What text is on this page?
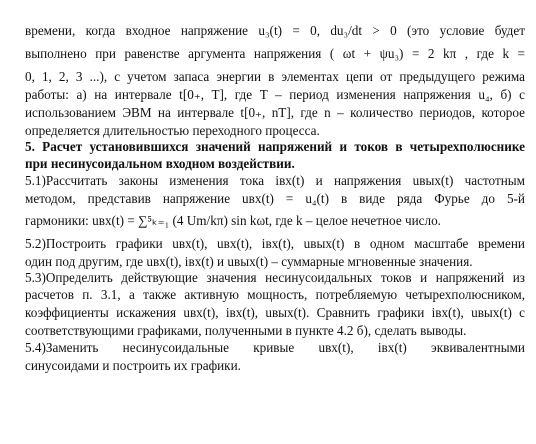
времени, когда входное напряжение u₃(t) = 0, du₃/dt > 0 (это условие будет
выполнено при равенстве аргумента напряжения ( ωt + ψu₃) = 2 kπ , где k =
0, 1, 2, 3 ...), с учетом запаса энергии в элементах цепи от предыдущего режима
работы: а) на интервале t[0₊, T], где T – период изменения напряжения u₄, б) с
использованием ЭВМ на интервале t[0₊, nT], где n – количество периодов, которое
определяется длительностью переходного процесса.
5. Расчет установившихся значений напряжений и токов в четырехполюснике
при несинусоидальном входном воздействии.
5.1)Рассчитать законы изменения тока iвх(t) и напряжения uвых(t) частотным
методом, представив напряжение uвх(t) = u₄(t) в виде ряда Фурье до 5-й
гармоники: uвх(t) = ∑⁵ₖ₌₁ (4 Um/kπ) sin kωt, где k – целое нечетное число.
5.2)Построить графики uвх(t), uвх(t), iвх(t), uвых(t) в одном масштабе времени
один под другим, где uвх(t), iвх(t) и uвых(t) – суммарные мгновенные значения.
5.3)Определить действующие значения несинусоидальных токов и напряжений из
расчетов п. 3.1, а также активную мощность, потребляемую четырехполюсником,
коэффициенты искажения uвх(t), iвх(t), uвых(t). Сравнить графики iвх(t), uвых(t) с
соответствующими графиками, полученными в пункте 4.2 б), сделать выводы.
5.4)Заменить несинусоидальные кривые uвх(t), iвх(t) эквивалентными
синусоидами и построить их графики.
